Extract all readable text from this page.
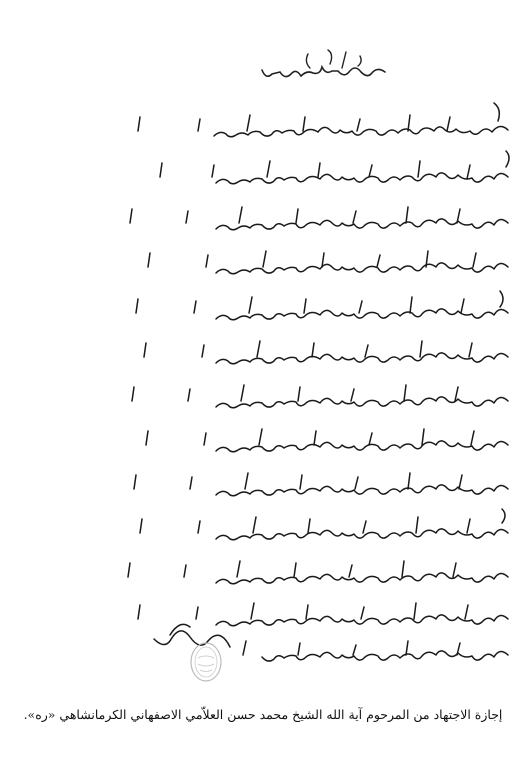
إجازة الاجتهاد من المرحوم آية الله الشيخ محمد حسن العلاّمي الاصفهاني الكرمانشاهي «ره».
